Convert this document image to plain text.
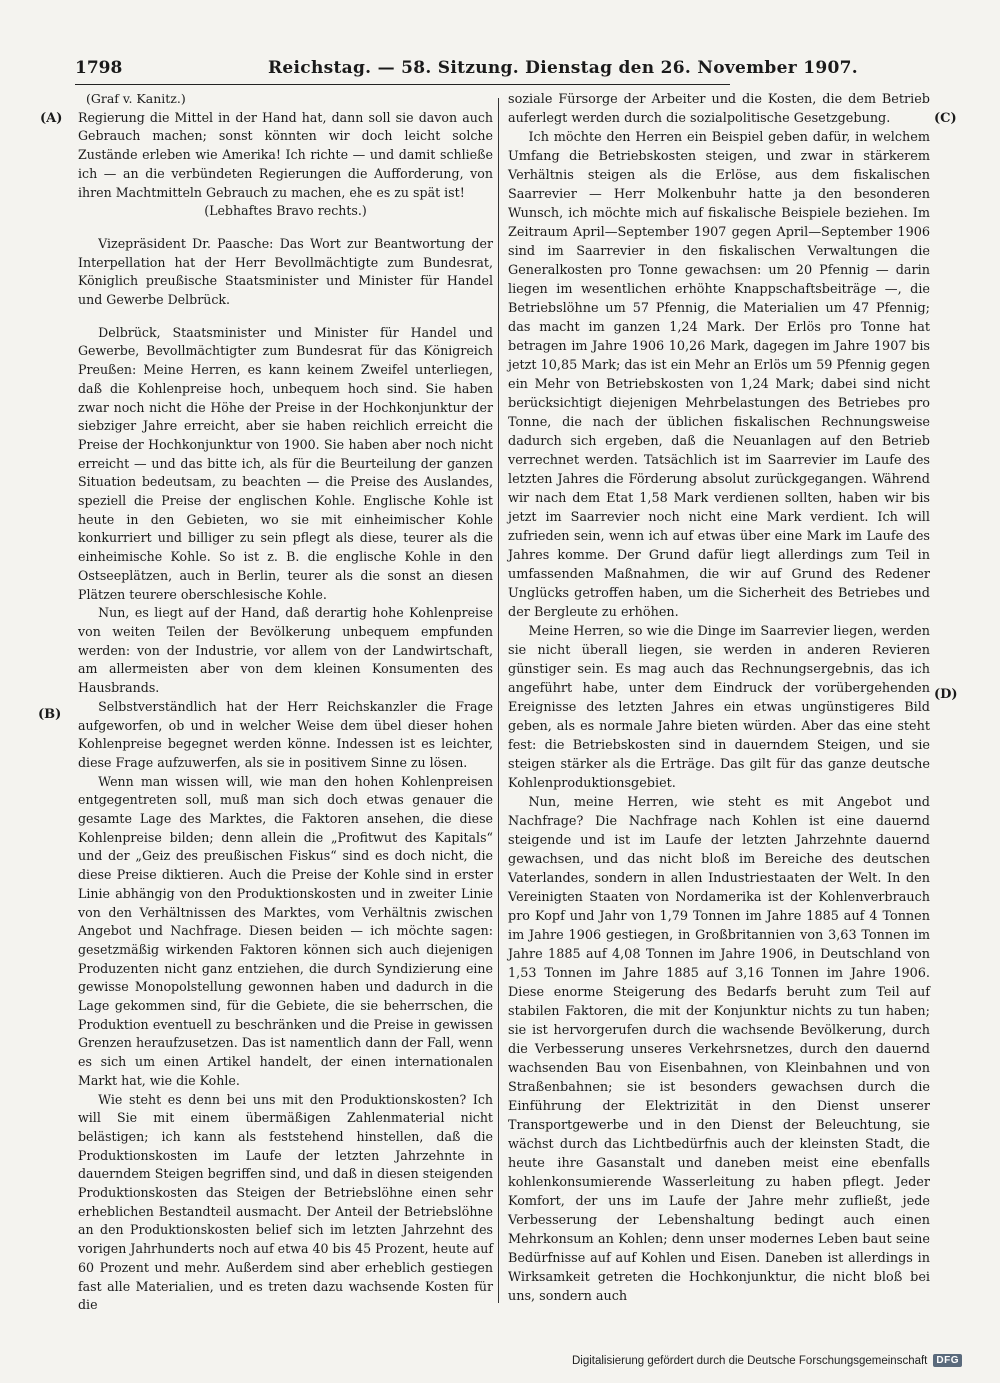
1798	Reichstag. — 58. Sitzung. Dienstag den 26. November 1907.
(A)
(B)
(C)
(D)

(Graf v. Kanitz.)

Regierung die Mittel in der Hand hat, dann soll sie davon auch Gebrauch machen; sonst könnten wir doch leicht solche Zustände erleben wie Amerika! Ich richte — und damit schließe ich — an die verbündeten Regierungen die Aufforderung, von ihren Machtmitteln Gebrauch zu machen, ehe es zu spät ist!

(Lebhaftes Bravo rechts.)

Vizepräsident Dr. Paasche: Das Wort zur Beantwortung der Interpellation hat der Herr Bevollmächtigte zum Bundesrat, Königlich preußische Staatsminister und Minister für Handel und Gewerbe Delbrück.

Delbrück, Staatsminister und Minister für Handel und Gewerbe, Bevollmächtigter zum Bundesrat für das Königreich Preußen: Meine Herren, es kann keinem Zweifel unterliegen, daß die Kohlenpreise hoch, unbequem hoch sind. Sie haben zwar noch nicht die Höhe der Preise in der Hochkonjunktur der siebziger Jahre erreicht, aber sie haben reichlich erreicht die Preise der Hochkonjunktur von 1900. Sie haben aber noch nicht erreicht — und das bitte ich, als für die Beurteilung der ganzen Situation bedeutsam, zu beachten — die Preise des Auslandes, speziell die Preise der englischen Kohle. Englische Kohle ist heute in den Gebieten, wo sie mit einheimischer Kohle konkurriert und billiger zu sein pflegt als diese, teurer als die einheimische Kohle. So ist z. B. die englische Kohle in den Ostseeplätzen, auch in Berlin, teurer als die sonst an diesen Plätzen teurere oberschlesische Kohle.

Nun, es liegt auf der Hand, daß derartig hohe Kohlenpreise von weiten Teilen der Bevölkerung unbequem empfunden werden: von der Industrie, vor allem von der Landwirtschaft, am allermeisten aber von dem kleinen Konsumenten des Hausbrands.

Selbstverständlich hat der Herr Reichskanzler die Frage aufgeworfen, ob und in welcher Weise dem übel dieser hohen Kohlenpreise begegnet werden könne. Indessen ist es leichter, diese Frage aufzuwerfen, als sie in positivem Sinne zu lösen.

Wenn man wissen will, wie man den hohen Kohlenpreisen entgegentreten soll, muß man sich doch etwas genauer die gesamte Lage des Marktes, die Faktoren ansehen, die diese Kohlenpreise bilden; denn allein die „Profitwut des Kapitals“ und der „Geiz des preußischen Fiskus“ sind es doch nicht, die diese Preise diktieren. Auch die Preise der Kohle sind in erster Linie abhängig von den Produktionskosten und in zweiter Linie von den Verhältnissen des Marktes, vom Verhältnis zwischen Angebot und Nachfrage. Diesen beiden — ich möchte sagen: gesetzmäßig wirkenden Faktoren können sich auch diejenigen Produzenten nicht ganz entziehen, die durch Syndizierung eine gewisse Monopolstellung gewonnen haben und dadurch in die Lage gekommen sind, für die Gebiete, die sie beherrschen, die Produktion eventuell zu beschränken und die Preise in gewissen Grenzen heraufzusetzen. Das ist namentlich dann der Fall, wenn es sich um einen Artikel handelt, der einen internationalen Markt hat, wie die Kohle.

Wie steht es denn bei uns mit den Produktionskosten? Ich will Sie mit einem übermäßigen Zahlenmaterial nicht belästigen; ich kann als feststehend hinstellen, daß die Produktionskosten im Laufe der letzten Jahrzehnte in dauerndem Steigen begriffen sind, und daß in diesen steigenden Produktionskosten das Steigen der Betriebslöhne einen sehr erheblichen Bestandteil ausmacht. Der Anteil der Betriebslöhne an den Produktionskosten belief sich im letzten Jahrzehnt des vorigen Jahrhunderts noch auf etwa 40 bis 45 Prozent, heute auf 60 Prozent und mehr. Außerdem sind aber erheblich gestiegen fast alle Materialien, und es treten dazu wachsende Kosten für die

soziale Fürsorge der Arbeiter und die Kosten, die dem Betrieb auferlegt werden durch die sozialpolitische Gesetzgebung.

Ich möchte den Herren ein Beispiel geben dafür, in welchem Umfang die Betriebskosten steigen, und zwar in stärkerem Verhältnis steigen als die Erlöse, aus dem fiskalischen Saarrevier — Herr Molkenbuhr hatte ja den besonderen Wunsch, ich möchte mich auf fiskalische Beispiele beziehen. Im Zeitraum April—September 1907 gegen April—September 1906 sind im Saarrevier in den fiskalischen Verwaltungen die Generalkosten pro Tonne gewachsen: um 20 Pfennig — darin liegen im wesentlichen erhöhte Knappschaftsbeiträge —, die Betriebslöhne um 57 Pfennig, die Materialien um 47 Pfennig; das macht im ganzen 1,24 Mark. Der Erlös pro Tonne hat betragen im Jahre 1906 10,26 Mark, dagegen im Jahre 1907 bis jetzt 10,85 Mark; das ist ein Mehr an Erlös um 59 Pfennig gegen ein Mehr von Betriebskosten von 1,24 Mark; dabei sind nicht berücksichtigt diejenigen Mehrbelastungen des Betriebes pro Tonne, die nach der üblichen fiskalischen Rechnungsweise dadurch sich ergeben, daß die Neuanlagen auf den Betrieb verrechnet werden. Tatsächlich ist im Saarrevier im Laufe des letzten Jahres die Förderung absolut zurückgegangen. Während wir nach dem Etat 1,58 Mark verdienen sollten, haben wir bis jetzt im Saarrevier noch nicht eine Mark verdient. Ich will zufrieden sein, wenn ich auf etwas über eine Mark im Laufe des Jahres komme. Der Grund dafür liegt allerdings zum Teil in umfassenden Maßnahmen, die wir auf Grund des Redener Unglücks getroffen haben, um die Sicherheit des Betriebes und der Bergleute zu erhöhen.

Meine Herren, so wie die Dinge im Saarrevier liegen, werden sie nicht überall liegen, sie werden in anderen Revieren günstiger sein. Es mag auch das Rechnungsergebnis, das ich angeführt habe, unter dem Eindruck der vorübergehenden Ereignisse des letzten Jahres ein etwas ungünstigeres Bild geben, als es normale Jahre bieten würden. Aber das eine steht fest: die Betriebskosten sind in dauerndem Steigen, und sie steigen stärker als die Erträge. Das gilt für das ganze deutsche Kohlenproduktionsgebiet.

Nun, meine Herren, wie steht es mit Angebot und Nachfrage? Die Nachfrage nach Kohlen ist eine dauernd steigende und ist im Laufe der letzten Jahrzehnte dauernd gewachsen, und das nicht bloß im Bereiche des deutschen Vaterlandes, sondern in allen Industriestaaten der Welt. In den Vereinigten Staaten von Nordamerika ist der Kohlenverbrauch pro Kopf und Jahr von 1,79 Tonnen im Jahre 1885 auf 4 Tonnen im Jahre 1906 gestiegen, in Großbritannien von 3,63 Tonnen im Jahre 1885 auf 4,08 Tonnen im Jahre 1906, in Deutschland von 1,53 Tonnen im Jahre 1885 auf 3,16 Tonnen im Jahre 1906. Diese enorme Steigerung des Bedarfs beruht zum Teil auf stabilen Faktoren, die mit der Konjunktur nichts zu tun haben; sie ist hervorgerufen durch die wachsende Bevölkerung, durch die Verbesserung unseres Verkehrsnetzes, durch den dauernd wachsenden Bau von Eisenbahnen, von Kleinbahnen und von Straßenbahnen; sie ist besonders gewachsen durch die Einführung der Elektrizität in den Dienst unserer Transportgewerbe und in den Dienst der Beleuchtung, sie wächst durch das Lichtbedürfnis auch der kleinsten Stadt, die heute ihre Gasanstalt und daneben meist eine ebenfalls kohlenkonsumierende Wasserleitung zu haben pflegt. Jeder Komfort, der uns im Laufe der Jahre mehr zufließt, jede Verbesserung der Lebenshaltung bedingt auch einen Mehrkonsum an Kohlen; denn unser modernes Leben baut seine Bedürfnisse auf auf Kohlen und Eisen. Daneben ist allerdings in Wirksamkeit getreten die Hochkonjunktur, die nicht bloß bei uns, sondern auch

Digitalisierung gefördert durch die Deutsche Forschungsgemeinschaft DFG
